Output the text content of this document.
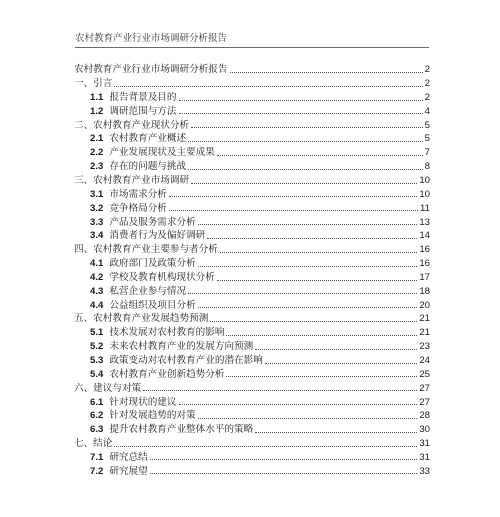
农村教育产业行业市场调研分析报告
农村教育产业行业市场调研分析报告	2
一、引言	2
1.1 报告背景及目的	2
1.2 调研范围与方法	4
二、农村教育产业现状分析	5
2.1 农村教育产业概述	5
2.2 产业发展现状及主要成果	7
2.3 存在的问题与挑战	8
三、农村教育产业市场调研	10
3.1 市场需求分析	10
3.2 竞争格局分析	11
3.3 产品及服务需求分析	13
3.4 消费者行为及偏好调研	14
四、农村教育产业主要参与者分析	16
4.1 政府部门及政策分析	16
4.2 学校及教育机构现状分析	17
4.3 私营企业参与情况	18
4.4 公益组织及项目分析	20
五、农村教育产业发展趋势预测	21
5.1 技术发展对农村教育的影响	21
5.2 未来农村教育产业的发展方向预测	23
5.3 政策变动对农村教育产业的潜在影响	24
5.4 农村教育产业创新趋势分析	25
六、建议与对策	27
6.1 针对现状的建议	27
6.2 针对发展趋势的对策	28
6.3 提升农村教育产业整体水平的策略	30
七、结论	31
7.1 研究总结	31
7.2 研究展望	33
